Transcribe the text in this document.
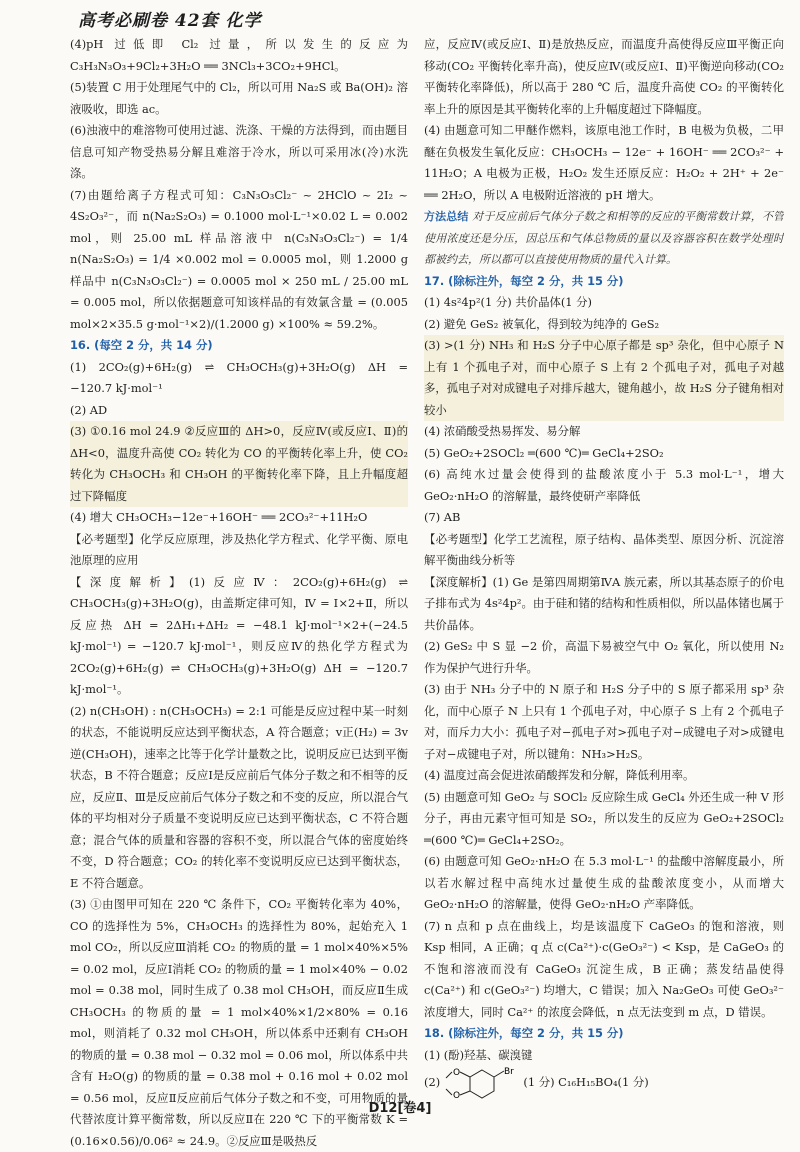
高考必刷卷 42套 化学

(4)pH 过低即 Cl₂ 过量，所以发生的反应为 C₃H₃N₃O₃+9Cl₂+3H₂O ══ 3NCl₃+3CO₂+9HCl。

(5)装置 C 用于处理尾气中的 Cl₂，所以可用 Na₂S 或 Ba(OH)₂ 溶液吸收，即选 ac。

(6)浊液中的难溶物可使用过滤、洗涤、干燥的方法得到，而由题目信息可知产物受热易分解且难溶于冷水，所以可采用冰(冷)水洗涤。

(7)由题给离子方程式可知：C₃N₃O₃Cl₂⁻ ~ 2HClO ~ 2I₂ ~ 4S₂O₃²⁻，而 n(Na₂S₂O₃) = 0.1000 mol·L⁻¹×0.02 L = 0.002 mol，则 25.00 mL 样品溶液中 n(C₃N₃O₃Cl₂⁻) = 1/4 n(Na₂S₂O₃) = 1/4 ×0.002 mol = 0.0005 mol，则 1.2000 g 样品中 n(C₃N₃O₃Cl₂⁻) = 0.0005 mol × 250 mL / 25.00 mL = 0.005 mol，所以依据题意可知该样品的有效氯含量 = (0.005 mol×2×35.5 g·mol⁻¹×2)/(1.2000 g) ×100% ≈ 59.2%。

16. (每空 2 分，共 14 分)

(1) 2CO₂(g)+6H₂(g) ⇌ CH₃OCH₃(g)+3H₂O(g) ΔH = −120.7 kJ·mol⁻¹

(2) AD

(3) ①0.16 mol 24.9 ②反应Ⅲ的 ΔH>0，反应Ⅳ(或反应Ⅰ、Ⅱ)的 ΔH<0，温度升高使 CO₂ 转化为 CO 的平衡转化率上升，使 CO₂ 转化为 CH₃OCH₃ 和 CH₃OH 的平衡转化率下降，且上升幅度超过下降幅度

(4) 增大 CH₃OCH₃−12e⁻+16OH⁻ ══ 2CO₃²⁻+11H₂O

【必考题型】化学反应原理，涉及热化学方程式、化学平衡、原电池原理的应用

【深度解析】(1)反应Ⅳ：2CO₂(g)+6H₂(g) ⇌ CH₃OCH₃(g)+3H₂O(g)，由盖斯定律可知，Ⅳ = Ⅰ×2+Ⅱ，所以反应热 ΔH = 2ΔH₁+ΔH₂ = −48.1 kJ·mol⁻¹×2+(−24.5 kJ·mol⁻¹) = −120.7 kJ·mol⁻¹，则反应Ⅳ的热化学方程式为 2CO₂(g)+6H₂(g) ⇌ CH₃OCH₃(g)+3H₂O(g) ΔH = −120.7 kJ·mol⁻¹。

(2) n(CH₃OH) : n(CH₃OCH₃) = 2:1 可能是反应过程中某一时刻的状态，不能说明反应达到平衡状态，A 符合题意；v正(H₂) = 3v逆(CH₃OH)，速率之比等于化学计量数之比，说明反应已达到平衡状态，B 不符合题意；反应Ⅰ是反应前后气体分子数之和不相等的反应，反应Ⅱ、Ⅲ是反应前后气体分子数之和不变的反应，所以混合气体的平均相对分子质量不变说明反应已达到平衡状态，C 不符合题意；混合气体的质量和容器的容积不变，所以混合气体的密度始终不变，D 符合题意；CO₂ 的转化率不变说明反应已达到平衡状态，E 不符合题意。

(3) ①由图甲可知在 220 ℃ 条件下，CO₂ 平衡转化率为 40%，CO 的选择性为 5%，CH₃OCH₃ 的选择性为 80%，起始充入 1 mol CO₂，所以反应Ⅲ消耗 CO₂ 的物质的量 = 1 mol×40%×5% = 0.02 mol，反应Ⅰ消耗 CO₂ 的物质的量 = 1 mol×40% − 0.02 mol = 0.38 mol，同时生成了 0.38 mol CH₃OH，而反应Ⅱ生成 CH₃OCH₃ 的物质的量 = 1 mol×40%×1/2×80% = 0.16 mol，则消耗了 0.32 mol CH₃OH，所以体系中还剩有 CH₃OH 的物质的量 = 0.38 mol − 0.32 mol = 0.06 mol，所以体系中共含有 H₂O(g) 的物质的量 = 0.38 mol + 0.16 mol + 0.02 mol = 0.56 mol，反应Ⅱ反应前后气体分子数之和不变，可用物质的量代替浓度计算平衡常数，所以反应Ⅱ在 220 ℃ 下的平衡常数 K = (0.16×0.56)/0.06² ≈ 24.9。②反应Ⅲ是吸热反

应，反应Ⅳ(或反应Ⅰ、Ⅱ)是放热反应，而温度升高使得反应Ⅲ平衡正向移动(CO₂ 平衡转化率升高)，使反应Ⅳ(或反应Ⅰ、Ⅱ)平衡逆向移动(CO₂ 平衡转化率降低)，所以高于 280 ℃ 后，温度升高使 CO₂ 的平衡转化率上升的原因是其平衡转化率的上升幅度超过下降幅度。

(4) 由题意可知二甲醚作燃料，该原电池工作时，B 电极为负极，二甲醚在负极发生氧化反应：CH₃OCH₃ − 12e⁻ + 16OH⁻ ══ 2CO₃²⁻ + 11H₂O；A 电极为正极，H₂O₂ 发生还原反应：H₂O₂ + 2H⁺ + 2e⁻ ══ 2H₂O，所以 A 电极附近溶液的 pH 增大。

方法总结 对于反应前后气体分子数之和相等的反应的平衡常数计算，不管使用浓度还是分压，因总压和气体总物质的量以及容器容积在数学处理时都被约去，所以都可以直接使用物质的量代入计算。

17. (除标注外，每空 2 分，共 15 分)

(1) 4s²4p²(1 分) 共价晶体(1 分)

(2) 避免 GeS₂ 被氧化，得到较为纯净的 GeS₂

(3) >(1 分) NH₃ 和 H₂S 分子中心原子都是 sp³ 杂化，但中心原子 N 上有 1 个孤电子对，而中心原子 S 上有 2 个孤电子对，孤电子对越多，孤电子对对成键电子对排斥越大，键角越小，故 H₂S 分子键角相对较小

(4) 浓硝酸受热易挥发、易分解

(5) GeO₂+2SOCl₂ ═(600 ℃)═ GeCl₄+2SO₂

(6) 高纯水过量会使得到的盐酸浓度小于 5.3 mol·L⁻¹，增大 GeO₂·nH₂O 的溶解量，最终使研产率降低

(7) AB

【必考题型】化学工艺流程，原子结构、晶体类型、原因分析、沉淀溶解平衡曲线分析等

【深度解析】(1) Ge 是第四周期第ⅣA 族元素，所以其基态原子的价电子排布式为 4s²4p²。由于硅和锗的结构和性质相似，所以晶体锗也属于共价晶体。

(2) GeS₂ 中 S 显 −2 价，高温下易被空气中 O₂ 氧化，所以使用 N₂ 作为保护气进行升华。

(3) 由于 NH₃ 分子中的 N 原子和 H₂S 分子中的 S 原子都采用 sp³ 杂化，而中心原子 N 上只有 1 个孤电子对，中心原子 S 上有 2 个孤电子对，而斥力大小：孤电子对−孤电子对>孤电子对−成键电子对>成键电子对−成键电子对，所以键角：NH₃>H₂S。

(4) 温度过高会促进浓硝酸挥发和分解，降低利用率。

(5) 由题意可知 GeO₂ 与 SOCl₂ 反应除生成 GeCl₄ 外还生成一种 V 形分子，再由元素守恒可知是 SO₂，所以发生的反应为 GeO₂+2SOCl₂ ═(600 ℃)═ GeCl₄+2SO₂。

(6) 由题意可知 GeO₂·nH₂O 在 5.3 mol·L⁻¹ 的盐酸中溶解度最小，所以若水解过程中高纯水过量使生成的盐酸浓度变小，从而增大 GeO₂·nH₂O 的溶解量，使得 GeO₂·nH₂O 产率降低。

(7) n 点和 p 点在曲线上，均是该温度下 CaGeO₃ 的饱和溶液，则 Ksp 相同，A 正确；q 点 c(Ca²⁺)·c(GeO₃²⁻) < Ksp，是 CaGeO₃ 的不饱和溶液而没有 CaGeO₃ 沉淀生成，B 正确；蒸发结晶使得 c(Ca²⁺) 和 c(GeO₃²⁻) 均增大，C 错误；加入 Na₂GeO₃ 可使 GeO₃²⁻ 浓度增大，同时 Ca²⁺ 的浓度会降低，n 点无法变到 m 点，D 错误。

18. (除标注外，每空 2 分，共 15 分)

(1) (酚)羟基、碳溴键

(2)
Br
O
O
(1 分) C₁₆H₁₅BO₄(1 分)

D12[卷4]
